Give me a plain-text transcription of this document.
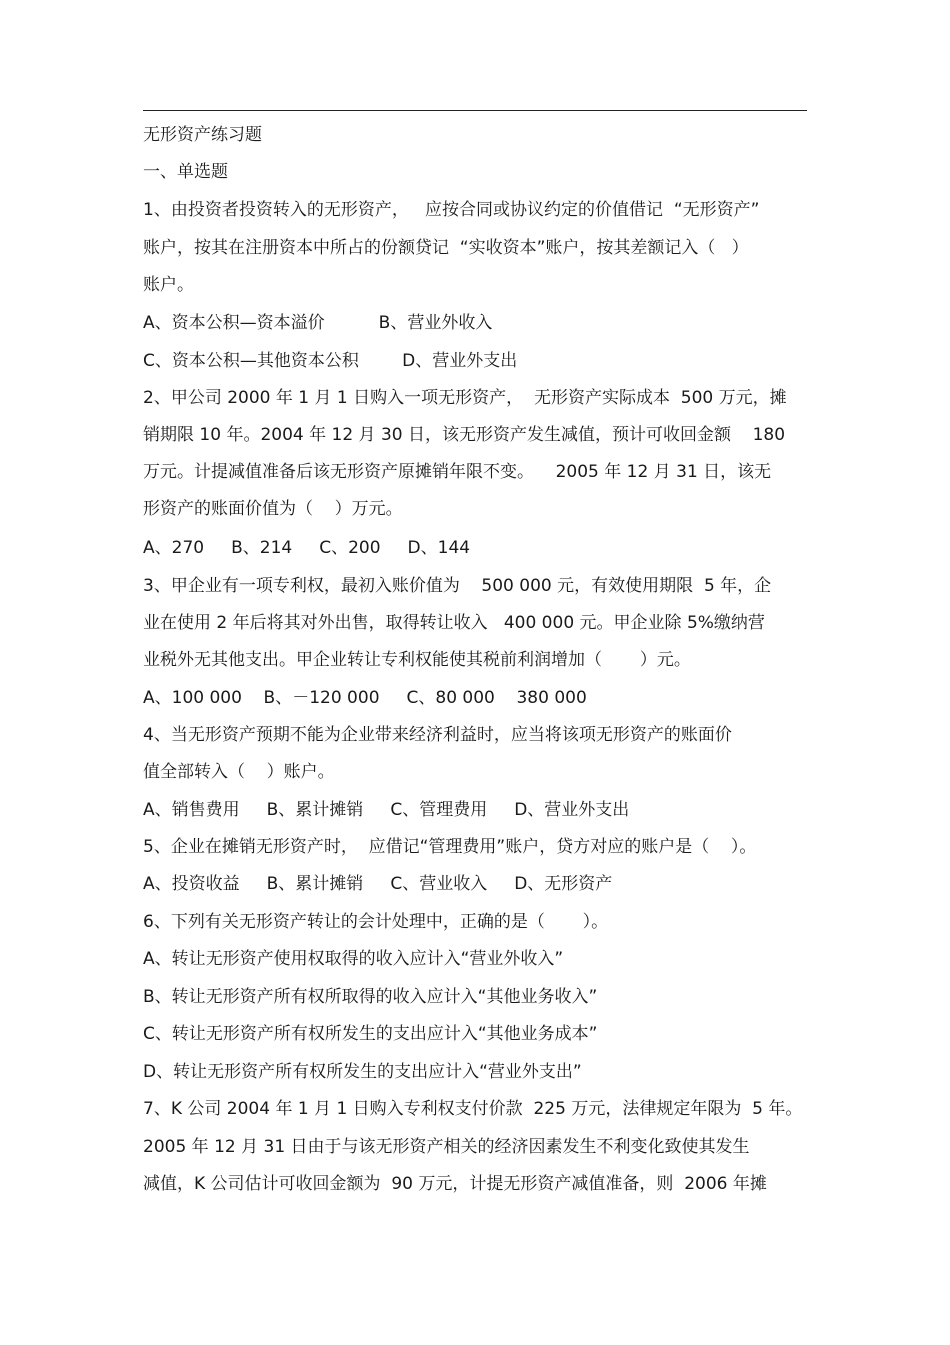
无形资产练习题
一、单选题
1、由投资者投资转入的无形资产，   应按合同或协议约定的价值借记  “无形资产”
账户，按其在注册资本中所占的份额贷记  “实收资本”账户，按其差额记入（   ）
账户。
A、资本公积—资本溢价          B、营业外收入
C、资本公积—其他资本公积        D、营业外支出
2、甲公司 2000 年 1 月 1 日购入一项无形资产，  无形资产实际成本  500 万元，摊
销期限 10 年。2004 年 12 月 30 日，该无形资产发生减值，预计可收回金额    180
万元。计提减值准备后该无形资产原摊销年限不变。    2005 年 12 月 31 日，该无
形资产的账面价值为（    ）万元。
A、270     B、214     C、200     D、144
3、甲企业有一项专利权，最初入账价值为    500 000 元，有效使用期限  5 年，企
业在使用 2 年后将其对外出售，取得转让收入   400 000 元。甲企业除 5%缴纳营
业税外无其他支出。甲企业转让专利权能使其税前利润增加（       ）元。
A、100 000    B、－120 000     C、80 000    380 000
4、当无形资产预期不能为企业带来经济利益时，应当将该项无形资产的账面价
值全部转入（    ）账户。
A、销售费用     B、累计摊销     C、管理费用     D、营业外支出
5、企业在摊销无形资产时，  应借记“管理费用”账户，贷方对应的账户是（    ）。
A、投资收益     B、累计摊销     C、营业收入     D、无形资产
6、下列有关无形资产转让的会计处理中，正确的是（       ）。
A、转让无形资产使用权取得的收入应计入“营业外收入”
B、转让无形资产所有权所取得的收入应计入“其他业务收入”
C、转让无形资产所有权所发生的支出应计入“其他业务成本”
D、转让无形资产所有权所发生的支出应计入“营业外支出”
7、K 公司 2004 年 1 月 1 日购入专利权支付价款  225 万元，法律规定年限为  5 年。
2005 年 12 月 31 日由于与该无形资产相关的经济因素发生不利变化致使其发生
减值，K 公司估计可收回金额为  90 万元，计提无形资产减值准备，则  2006 年摊
